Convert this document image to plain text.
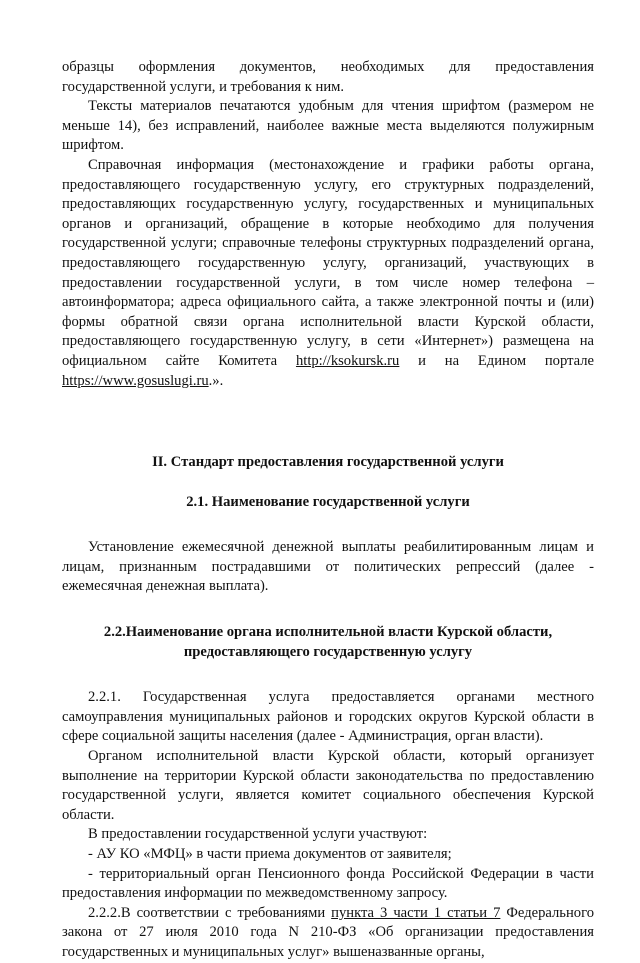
образцы оформления документов, необходимых для предоставления государственной услуги, и требования к ним.

Тексты материалов печатаются удобным для чтения шрифтом (размером не меньше 14), без исправлений, наиболее важные места выделяются полужирным шрифтом.

Справочная информация (местонахождение и графики работы органа, предоставляющего государственную услугу, его структурных подразделений, предоставляющих государственную услугу, государственных и муниципальных органов и организаций, обращение в которые необходимо для получения государственной услуги; справочные телефоны структурных подразделений органа, предоставляющего государственную услугу, организаций, участвующих в предоставлении государственной услуги, в том числе номер телефона – автоинформатора; адреса официального сайта, а также электронной почты и (или) формы обратной связи органа исполнительной власти Курской области, предоставляющего государственную услугу, в сети «Интернет») размещена на официальном сайте Комитета http://ksokursk.ru и на Едином портале https://www.gosuslugi.ru.».

II. Стандарт предоставления государственной услуги

2.1. Наименование государственной услуги

Установление ежемесячной денежной выплаты реабилитированным лицам и лицам, признанным пострадавшими от политических репрессий (далее - ежемесячная денежная выплата).

2.2.Наименование органа исполнительной власти Курской области,

предоставляющего государственную услугу

2.2.1. Государственная услуга предоставляется органами местного самоуправления муниципальных районов и городских округов Курской области в сфере социальной защиты населения (далее - Администрация, орган власти).

Органом исполнительной власти Курской области, который организует выполнение на территории Курской области законодательства по предоставлению государственной услуги, является комитет социального обеспечения Курской области.

В предоставлении государственной услуги участвуют:

- АУ КО «МФЦ» в части приема документов от заявителя;

- территориальный орган Пенсионного фонда Российской Федерации в части предоставления информации по межведомственному запросу.

2.2.2.В соответствии с требованиями пункта 3 части 1 статьи 7 Федерального закона от 27 июля 2010 года N 210-ФЗ «Об организации предоставления государственных и муниципальных услуг» вышеназванные органы,
